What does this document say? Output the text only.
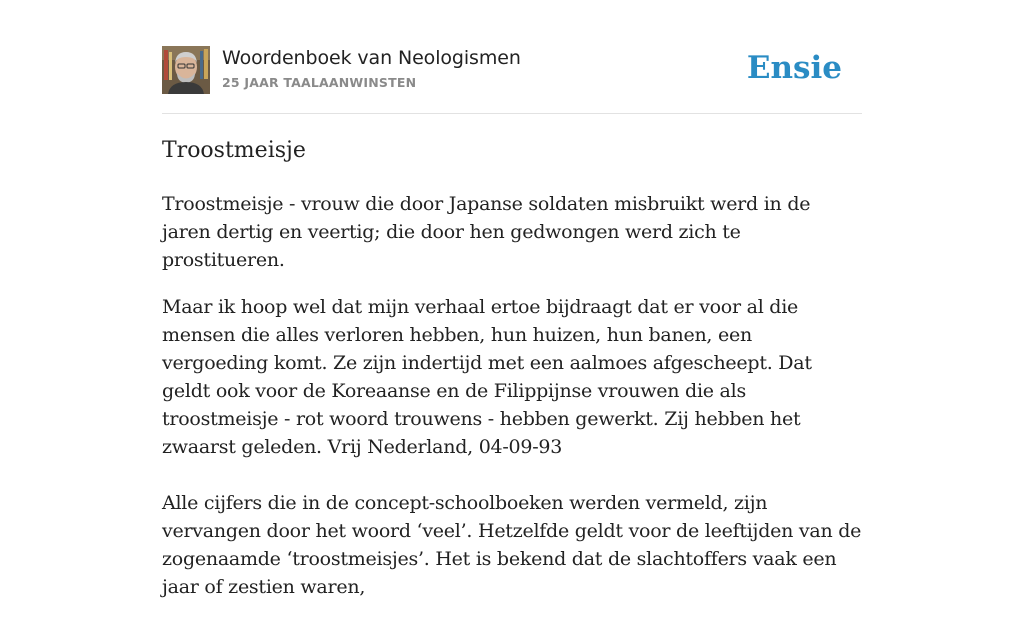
Woordenboek van Neologismen
25 JAAR TAALAANWINSTEN	Ensie
Troostmeisje

Troostmeisje - vrouw die door Japanse soldaten misbruikt werd in de jaren dertig en veertig; die door hen gedwongen werd zich te prostitueren.

Maar ik hoop wel dat mijn verhaal ertoe bijdraagt dat er voor al die mensen die alles verloren hebben, hun huizen, hun banen, een vergoeding komt. Ze zijn indertijd met een aalmoes afgescheept. Dat geldt ook voor de Koreaanse en de Filippijnse vrouwen die als troostmeisje - rot woord trouwens - hebben gewerkt. Zij hebben het zwaarst geleden. Vrij Nederland, 04-09-93

Alle cijfers die in de concept-schoolboeken werden vermeld, zijn vervangen door het woord ‘veel’. Hetzelfde geldt voor de leeftijden van de zogenaamde ‘troostmeisjes’. Het is bekend dat de slachtoffers vaak een jaar of zestien waren,
